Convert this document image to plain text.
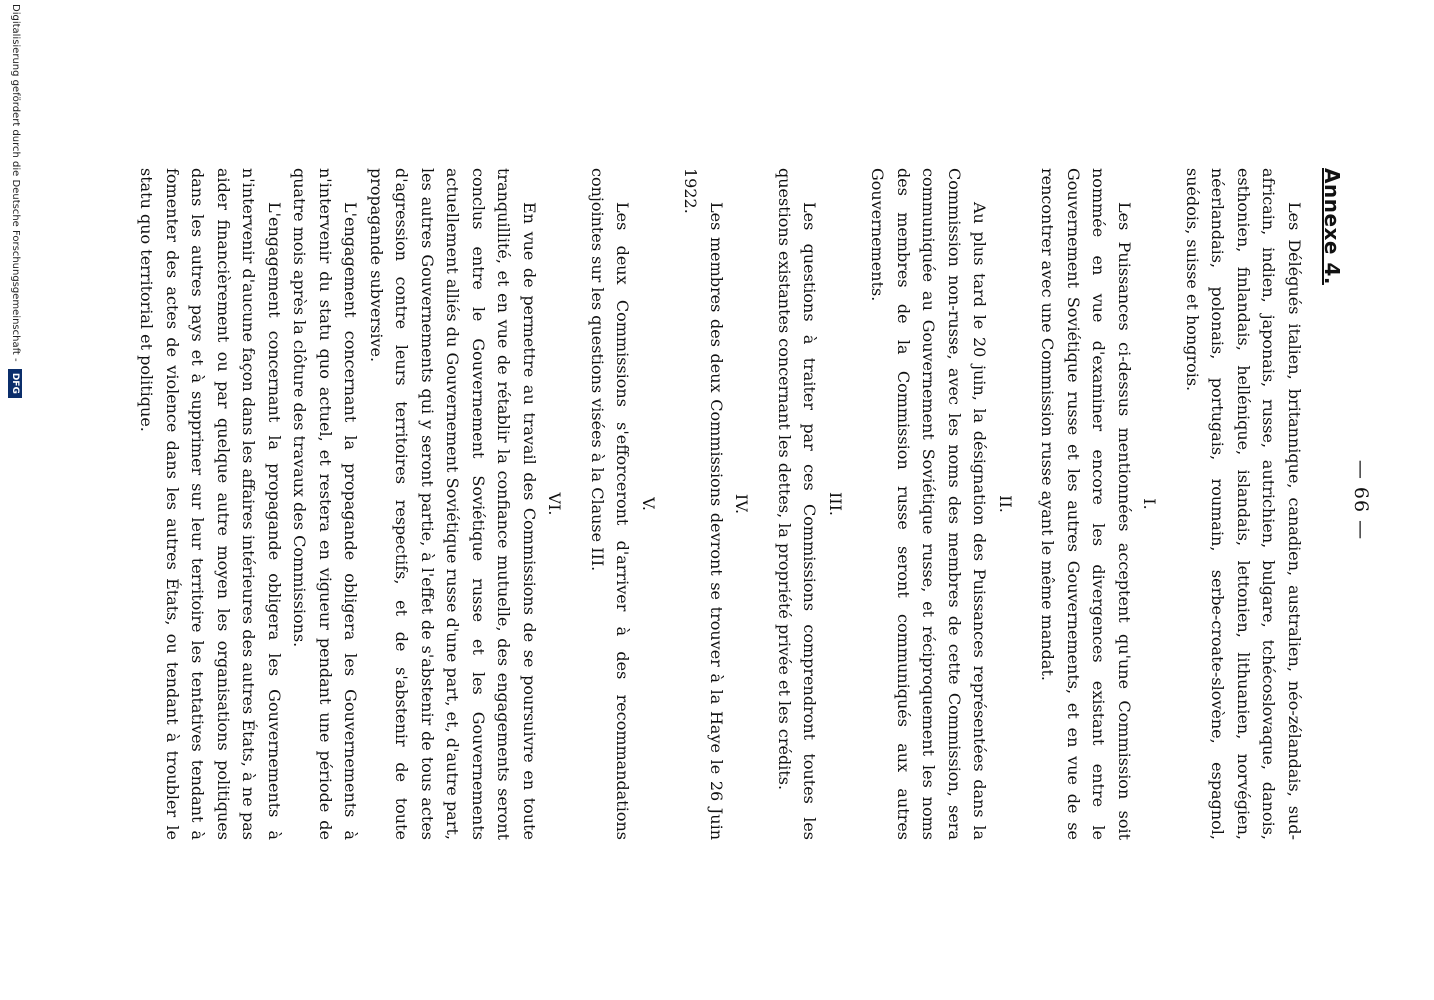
— 66 —
Annexe 4.

Les Délégués italien, britannique, canadien, australien, néo-zélandais, sud-africain, indien, japonais, russe, autrichien, bulgare, tchécoslovaque, danois, esthonien, finlandais, hellénique, islandais, lettonien, lithuanien, norvégien, néerlandais, polonais, portugais, roumain, serbe-croate-slovène, espagnol, suédois, suisse et hongrois.

I.

Les Puissances ci-dessus mentionnées acceptent qu'une Commission soit nommée en vue d'examiner encore les divergences existant entre le Gouvernement Soviétique russe et les autres Gouvernements, et en vue de se rencontrer avec une Commission russe ayant le même mandat.

II.

Au plus tard le 20 juin, la désignation des Puissances représentées dans la Commission non-russe, avec les noms des membres de cette Commission, sera communiquée au Gouvernement Soviétique russe, et réciproquement les noms des membres de la Commission russe seront communiqués aux autres Gouvernements.

III.

Les questions à traiter par ces Commissions comprendront toutes les questions existantes concernant les dettes, la propriété privée et les crédits.

IV.

Les membres des deux Commissions devront se trouver à la Haye le 26 Juin 1922.

V.

Les deux Commissions s'efforceront d'arriver à des recommandations conjointes sur les questions visées à la Clause III.

VI.

En vue de permettre au travail des Commissions de se poursuivre en toute tranquillité, et en vue de rétablir la confiance mutuelle, des engagements seront conclus entre le Gouvernement Soviétique russe et les Gouvernements actuellement alliés du Gouvernement Soviétique russe d'une part, et, d'autre part, les autres Gouvernements qui y seront partie, à l'effet de s'abstenir de tous actes d'agression contre leurs territoires respectifs, et de s'abstenir de toute propagande subversive.

L'engagement concernant la propagande obligera les Gouvernements à n'intervenir du statu quo actuel, et restera en vigueur pendant une période de quatre mois après la clôture des travaux des Commissions.

L'engagement concernant la propagande obligera les Gouvernements à n'intervenir d'aucune façon dans les affaires intérieures des autres États, à ne pas aider financièrement ou par quelque autre moyen les organisations politiques dans les autres pays et à supprimer sur leur territoire les tentatives tendant à fomenter des actes de violence dans les autres États, ou tendant à troubler le statu quo territorial et politique.

Digitalisierung gefördert durch die Deutsche Forschungsgemeinschaft - DFG
